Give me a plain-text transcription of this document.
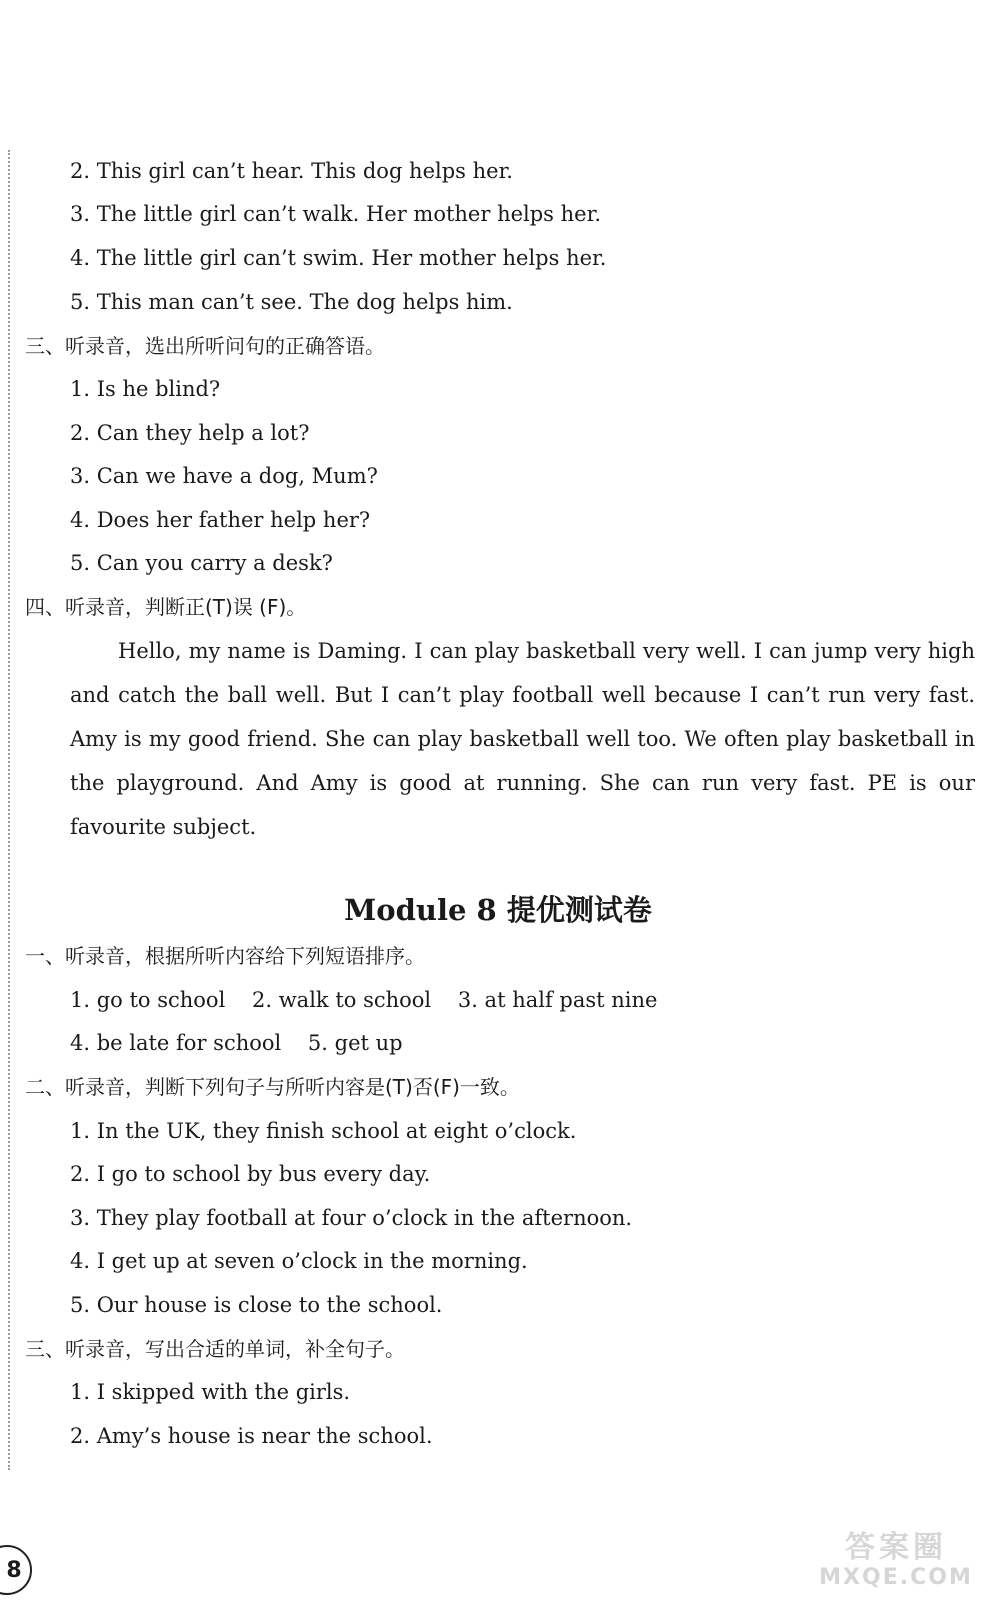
2. This girl can’t hear. This dog helps her.
3. The little girl can’t walk. Her mother helps her.
4. The little girl can’t swim. Her mother helps her.
5. This man can’t see. The dog helps him.
三、听录音，选出所听问句的正确答语。
1. Is he blind?
2. Can they help a lot?
3. Can we have a dog, Mum?
4. Does her father help her?
5. Can you carry a desk?
四、听录音，判断正(T)误 (F)。
Hello, my name is Daming. I can play basketball very well. I can jump very high
and catch the ball well. But I can’t play football well because I can’t run very fast.
Amy is my good friend. She can play basketball well too. We often play basketball in
the playground. And Amy is good at running. She can run very fast. PE is our
favourite subject.
Module 8 提优测试卷
一、听录音，根据所听内容给下列短语排序。
1. go to school    2. walk to school    3. at half past nine
4. be late for school    5. get up
二、听录音，判断下列句子与所听内容是(T)否(F)一致。
1. In the UK, they finish school at eight o’clock.
2. I go to school by bus every day.
3. They play football at four o’clock in the afternoon.
4. I get up at seven o’clock in the morning.
5. Our house is close to the school.
三、听录音，写出合适的单词，补全句子。
1. I skipped with the girls.
2. Amy’s house is near the school.
8
答案圈
MXQE.COM
